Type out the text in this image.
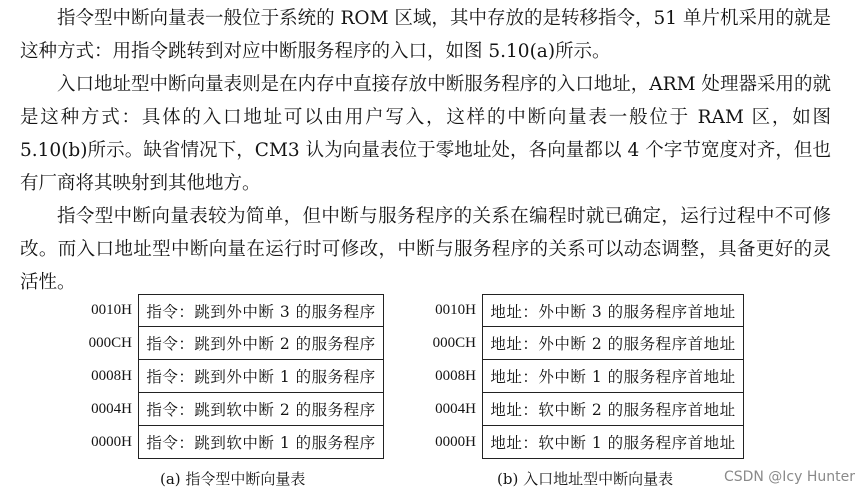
指令型中断向量表一般位于系统的 ROM 区域，其中存放的是转移指令，51 单片机采用的就是这种方式：用指令跳转到对应中断服务程序的入口，如图 5.10(a)所示。

入口地址型中断向量表则是在内存中直接存放中断服务程序的入口地址，ARM 处理器采用的就是这种方式：具体的入口地址可以由用户写入，这样的中断向量表一般位于 RAM 区，如图 5.10(b)所示。缺省情况下，CM3 认为向量表位于零地址处，各向量都以 4 个字节宽度对齐，但也有厂商将其映射到其他地方。

指令型中断向量表较为简单，但中断与服务程序的关系在编程时就已确定，运行过程中不可修改。而入口地址型中断向量在运行时可修改，中断与服务程序的关系可以动态调整，具备更好的灵活性。

0010H 指令：跳到外中断 3 的服务程序
000CH 指令：跳到外中断 2 的服务程序
0008H 指令：跳到外中断 1 的服务程序
0004H 指令：跳到软中断 2 的服务程序
0000H 指令：跳到软中断 1 的服务程序
0010H 地址：外中断 3 的服务程序首地址
000CH 地址：外中断 2 的服务程序首地址
0008H 地址：外中断 1 的服务程序首地址
0004H 地址：软中断 2 的服务程序首地址
0000H 地址：软中断 1 的服务程序首地址
(a) 指令型中断向量表	(b) 入口地址型中断向量表	CSDN @Icy Hunter
